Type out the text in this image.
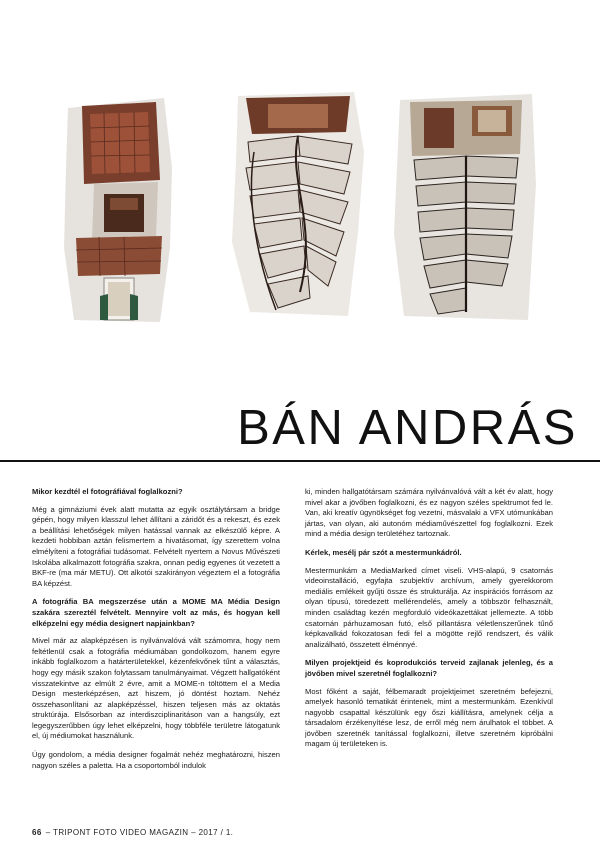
BÁN ANDRÁS

Mikor kezdtél el fotográfiával foglalkozni?

Még a gimnáziumi évek alatt mutatta az egyik osztálytársam a bridge gépén, hogy milyen klasszul lehet állítani a záridőt és a rekeszt, és ezek a beállítási lehetőségek milyen hatással vannak az elkészülő képre. A kezdeti hobbiban aztán felismertem a hivatásomat, így szerettem volna elmélyíteni a fotográfiai tudásomat. Felvételt nyertem a Novus Művészeti Iskolába alkalmazott fotográfia szakra, onnan pedig egyenes út vezetett a BKF-re (ma már METU). Ott alkotói szakirányon végeztem el a fotográfia BA képzést.

A fotográfia BA megszerzése után a MOME MA Média Design szakára szereztél felvételt. Mennyire volt az más, és hogyan kell elképzelni egy média designert napjainkban?

Mivel már az alapképzésen is nyilvánvalóvá vált számomra, hogy nem feltétlenül csak a fotográfia médiumában gondolkozom, hanem egyre inkább foglalkozom a határterületekkel, kézenfekvőnek tűnt a választás, hogy egy másik szakon folytassam tanulmányaimat. Végzett hallgatóként visszatekintve az elmúlt 2 évre, amit a MOME-n töltöttem el a Media Design mesterképzésen, azt hiszem, jó döntést hoztam. Nehéz összehasonlítani az alapképzéssel, hiszen teljesen más az oktatás struktúrája. Elsősorban az interdiszciplinaritáson van a hangsúly, ezt legegyszerűbben úgy lehet elképzelni, hogy többféle területre látogatunk el, új médiumokat használunk.

Úgy gondolom, a média designer fogalmát nehéz meghatározni, hiszen nagyon széles a paletta. Ha a csoportomból indulok

ki, minden hallgatótársam számára nyilvánvalóvá vált a két év alatt, hogy mivel akar a jövőben foglalkozni, és ez nagyon széles spektrumot fed le. Van, aki kreatív ügynökséget fog vezetni, másvalaki a VFX utómunkában jártas, van olyan, aki autonóm médiaművészettel fog foglalkozni. Ezek mind a média design területéhez tartoznak.

Kérlek, mesélj pár szót a mestermunkádról.

Mestermunkám a MediaMarked címet viseli. VHS-alapú, 9 csatornás videoinstalláció, egyfajta szubjektív archívum, amely gyerekkorom mediális emlékeit gyűjti össze és strukturálja. Az inspirációs forrásom az olyan típusú, töredezett mellérendelés, amely a többször felhasznált, minden családtag kezén megforduló videókazettákat jellemezte. A több csatornán párhuzamosan futó, első pillantásra véletlenszerűnek tűnő képkavalkád fokozatosan fedi fel a mögötte rejlő rendszert, és válik analizálható, összetett élménnyé.

Milyen projektjeid és koprodukciós terveid zajlanak jelenleg, és a jövőben mivel szeretnél foglalkozni?

Most főként a saját, félbemaradt projektjeimet szeretném befejezni, amelyek hasonló tematikát érintenek, mint a mestermunkám. Ezenkívül nagyobb csapattal készülünk egy őszi kiállításra, amelynek célja a társadalom érzékenyítése lesz, de erről még nem árulhatok el többet. A jövőben szeretnék tanítással foglalkozni, illetve szeretném kipróbálni magam új területeken is.

66 – TRIPONT FOTO VIDEO MAGAZIN – 2017 / 1.
